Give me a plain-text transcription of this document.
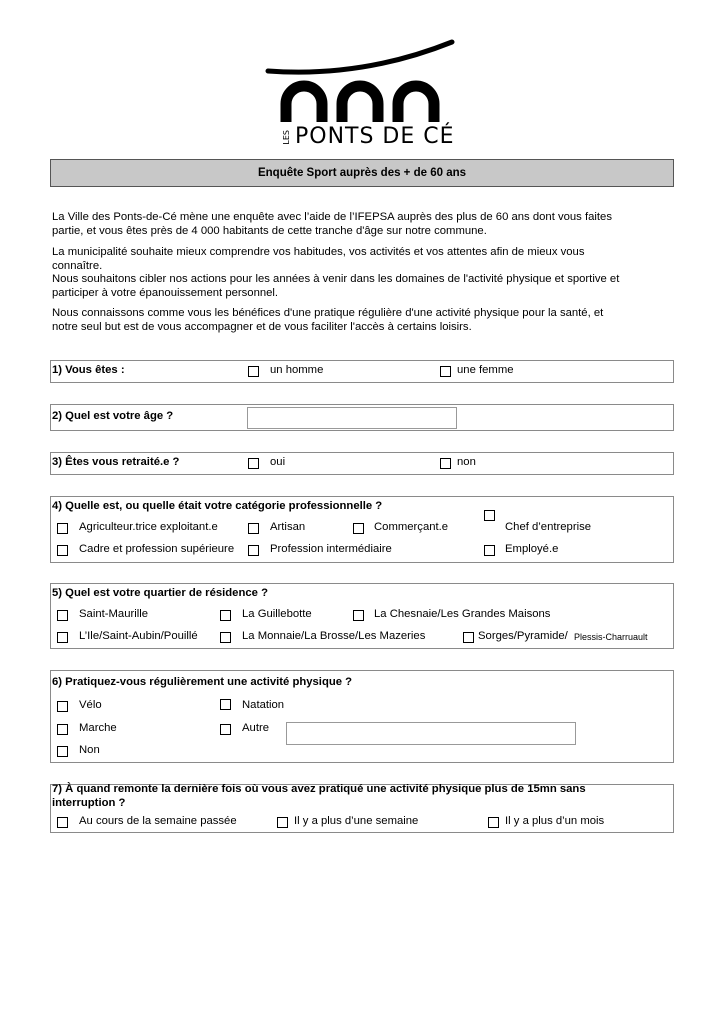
LES PONTS DE CÉ
Enquête Sport auprès des + de 60 ans
La Ville des Ponts-de-Cé mène une enquête avec l’aide de l’IFEPSA auprès des plus de 60 ans dont vous faites
partie, et vous êtes près de 4 000 habitants de cette tranche d'âge sur notre commune.
La municipalité souhaite mieux comprendre vos habitudes, vos activités et vos attentes afin de mieux vous
connaître.
Nous souhaitons cibler nos actions pour les années à venir dans les domaines de l'activité physique et sportive et
participer à votre épanouissement personnel.
Nous connaissons comme vous les bénéfices d'une pratique régulière d'une activité physique pour la santé, et
notre seul but est de vous accompagner et de vous faciliter l'accès à certains loisirs.
1) Vous êtes :	un homme	une femme
2) Quel est votre âge ?
3) Êtes vous retraité.e ?	oui	non
4) Quelle est, ou quelle était votre catégorie professionnelle ?
Agriculteur.trice exploitant.e	Artisan	Commerçant.e	Chef d’entreprise
Cadre et profession supérieure	Profession intermédiaire	Employé.e
5) Quel est votre quartier de résidence ?
Saint-Maurille	La Guillebotte	La Chesnaie/Les Grandes Maisons
L’Ile/Saint-Aubin/Pouillé	La Monnaie/La Brosse/Les Mazeries	Sorges/Pyramide/ Plessis-Charruault
6) Pratiquez-vous régulièrement une activité physique ?
Vélo	Natation
Marche	Autre
Non
7) À quand remonte la dernière fois où vous avez pratiqué une activité physique plus de 15mn sans
interruption ?
Au cours de la semaine passée	Il y a plus d’une semaine	Il y a plus d’un mois
